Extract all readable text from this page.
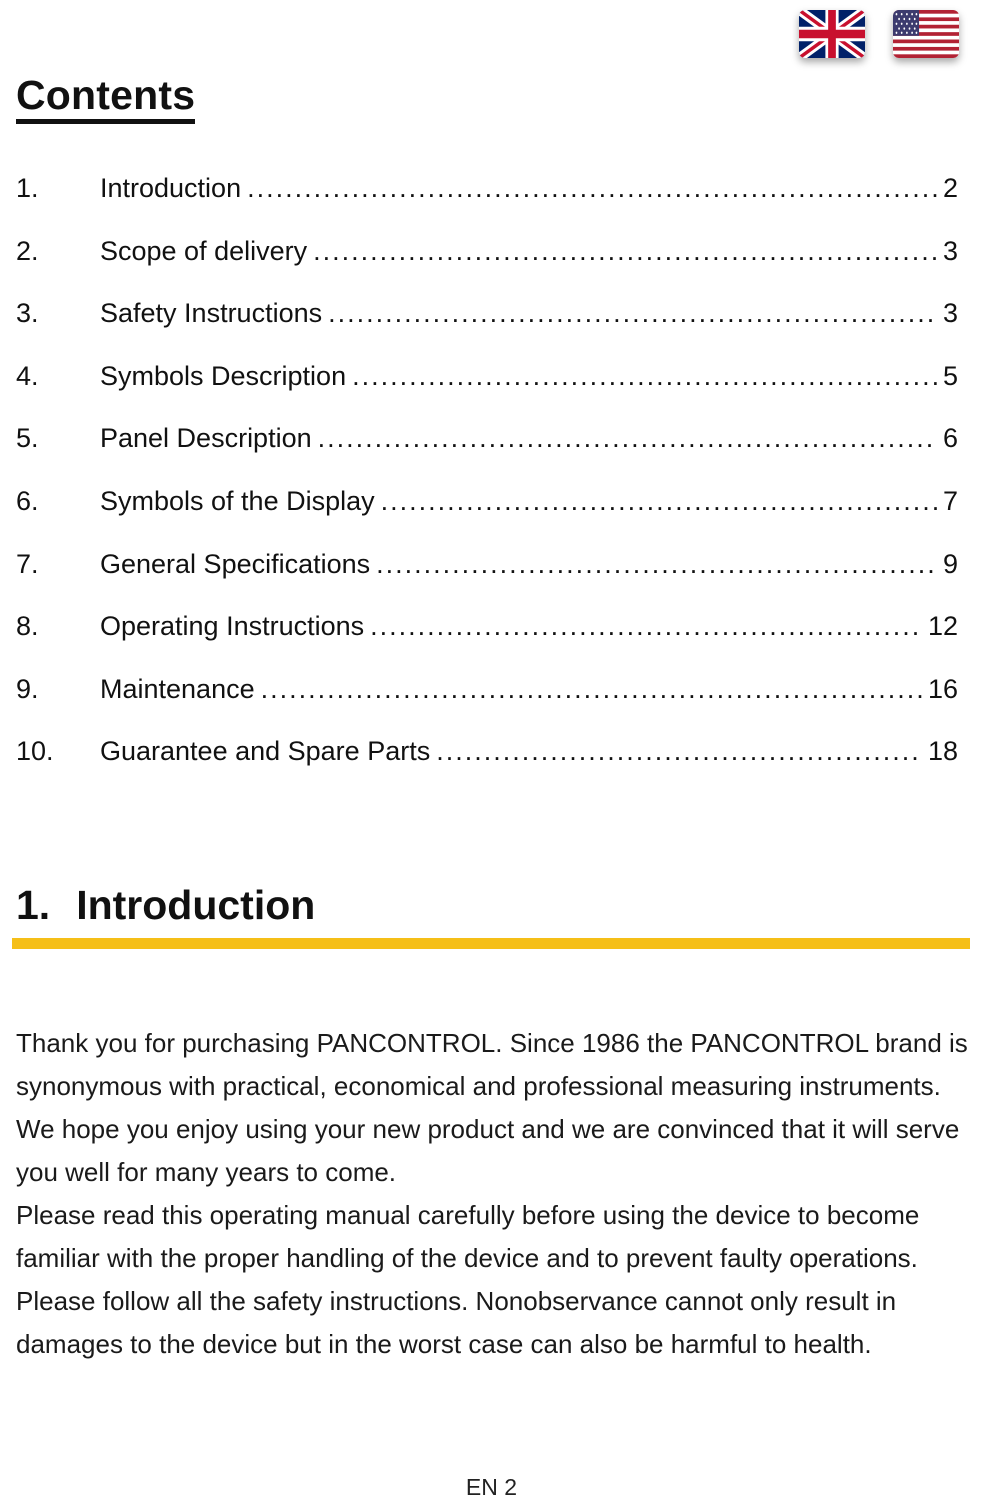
Contents
1.	Introduction .....	2
2.	Scope of delivery .....	3
3.	Safety Instructions .....	3
4.	Symbols Description .....	5
5.	Panel Description .....	6
6.	Symbols of the Display .....	7
7.	General Specifications .....	9
8.	Operating Instructions .....	12
9.	Maintenance .....	16
10.	Guarantee and Spare Parts .....	18
1. Introduction

Thank you for purchasing PANCONTROL. Since 1986 the PANCONTROL brand is synonymous with practical, economical and professional measuring instruments. We hope you enjoy using your new product and we are convinced that it will serve you well for many years to come.

Please read this operating manual carefully before using the device to become familiar with the proper handling of the device and to prevent faulty operations. Please follow all the safety instructions. Nonobservance cannot only result in damages to the device but in the worst case can also be harmful to health.

EN 2
